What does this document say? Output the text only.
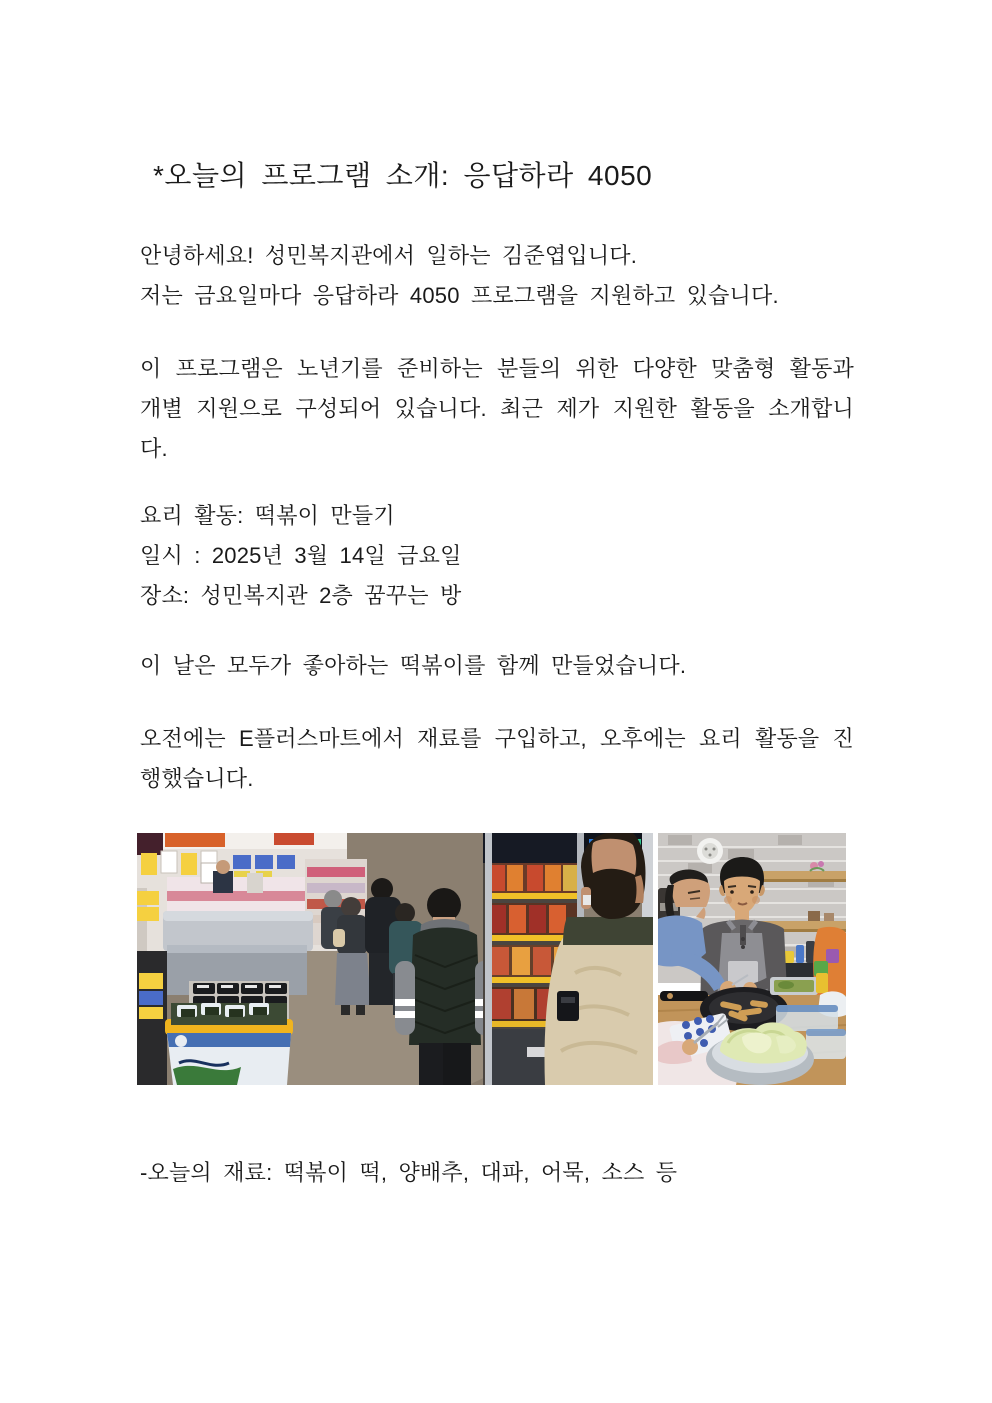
*오늘의 프로그램 소개: 응답하라 4050
안녕하세요! 성민복지관에서 일하는 김준엽입니다.
저는 금요일마다 응답하라 4050 프로그램을 지원하고 있습니다.
이 프로그램은 노년기를 준비하는 분들의 위한 다양한 맞춤형 활동과 개별 지원으로 구성되어 있습니다. 최근 제가 지원한 활동을 소개합니다.
요리 활동: 떡볶이 만들기
일시 : 2025년 3월 14일 금요일
장소: 성민복지관 2층 꿈꾸는 방
이 날은 모두가 좋아하는 떡볶이를 함께 만들었습니다.
오전에는 E플러스마트에서 재료를 구입하고, 오후에는 요리 활동을 진행했습니다.
-오늘의 재료: 떡볶이 떡, 양배추, 대파, 어묵, 소스 등
